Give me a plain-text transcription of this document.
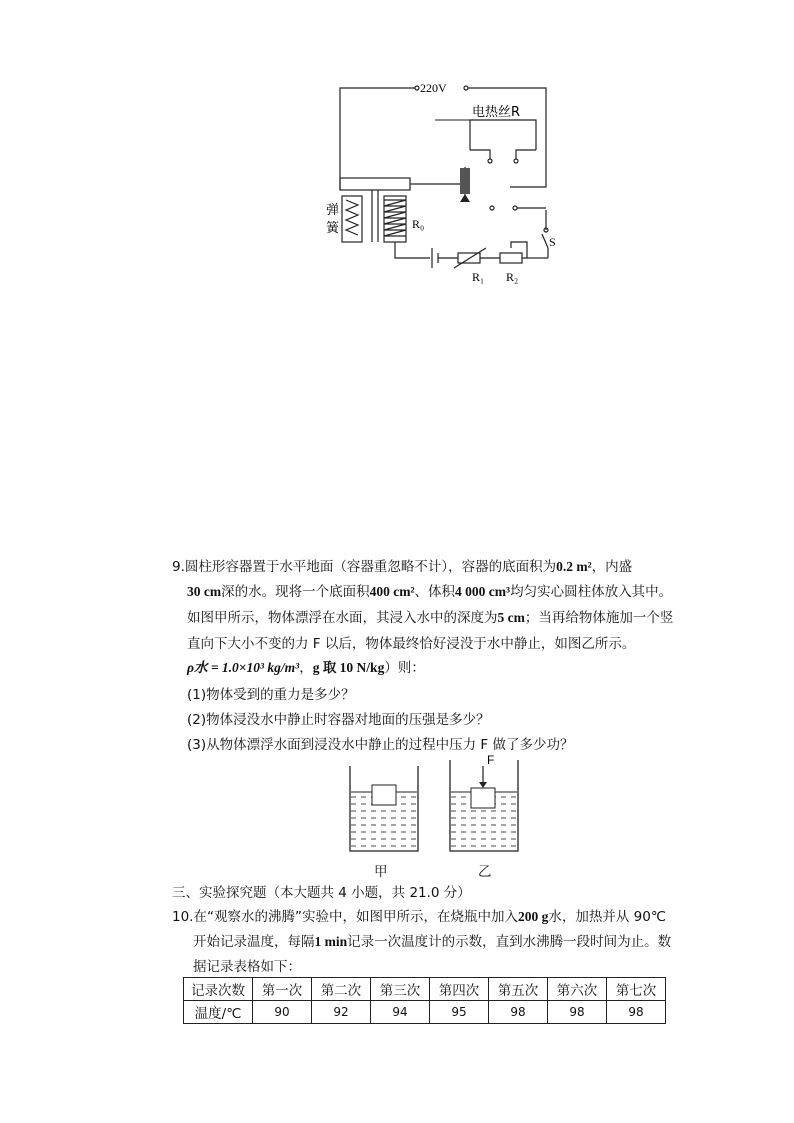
220V
电热丝R
弹
簧	R₀
R₁ R₂
S
9.圆柱形容器置于水平地面（容器重忽略不计），容器的底面积为0.2 m²，内盛
30 cm深的水。现将一个底面积400 cm²、体积4 000 cm³均匀实心圆柱体放入其中。
如图甲所示，物体漂浮在水面，其浸入水中的深度为5 cm；当再给物体施加一个竖
直向下大小不变的力 F 以后，物体最终恰好浸没于水中静止，如图乙所示。
ρ水 = 1.0×10³ kg/m³，g 取 10 N/kg）则：
(1)物体受到的重力是多少？
(2)物体浸没水中静止时容器对地面的压强是多少？
(3)从物体漂浮水面到浸没水中静止的过程中压力 F 做了多少功？
F
甲	乙
三、实验探究题（本大题共 4 小题，共 21.0 分）
10.在“观察水的沸腾”实验中，如图甲所示，在烧瓶中加入200 g水，加热并从 90℃
开始记录温度，每隔1 min记录一次温度计的示数，直到水沸腾一段时间为止。数
据记录表格如下：
记录次数	第一次	第二次	第三次	第四次	第五次	第六次	第七次
温度/℃	90	92	94	95	98	98	98
